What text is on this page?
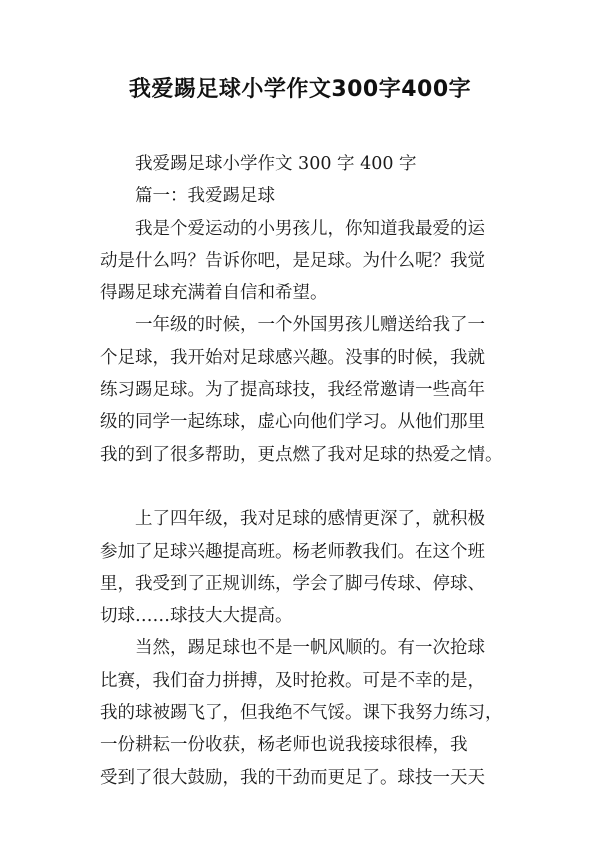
我爱踢足球小学作文300字400字
我爱踢足球小学作文 300 字 400 字
篇一：我爱踢足球
我是个爱运动的小男孩儿，你知道我最爱的运
动是什么吗？告诉你吧，是足球。为什么呢？我觉
得踢足球充满着自信和希望。
一年级的时候，一个外国男孩儿赠送给我了一
个足球，我开始对足球感兴趣。没事的时候，我就
练习踢足球。为了提高球技，我经常邀请一些高年
级的同学一起练球，虚心向他们学习。从他们那里
我的到了很多帮助，更点燃了我对足球的热爱之情。
上了四年级，我对足球的感情更深了，就积极
参加了足球兴趣提高班。杨老师教我们。在这个班
里，我受到了正规训练，学会了脚弓传球、停球、
切球……球技大大提高。
当然，踢足球也不是一帆风顺的。有一次抢球
比赛，我们奋力拼搏，及时抢救。可是不幸的是，
我的球被踢飞了，但我绝不气馁。课下我努力练习，
一份耕耘一份收获，杨老师也说我接球很棒，我
受到了很大鼓励，我的干劲而更足了。球技一天天
